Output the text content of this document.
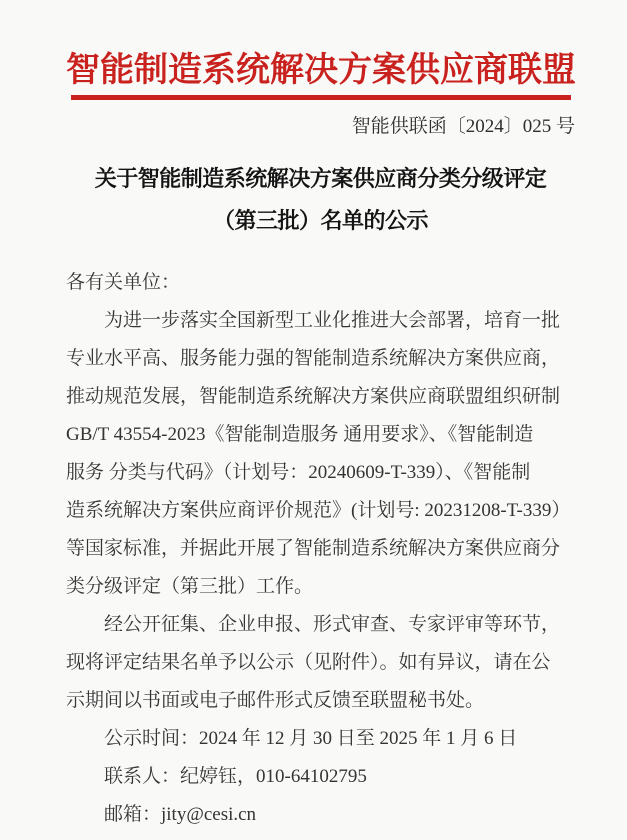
智能制造系统解决方案供应商联盟
智能供联函〔2024〕025 号
关于智能制造系统解决方案供应商分类分级评定
（第三批）名单的公示
各有关单位：
为进一步落实全国新型工业化推进大会部署，培育一批
专业水平高、服务能力强的智能制造系统解决方案供应商，
推动规范发展，智能制造系统解决方案供应商联盟组织研制
GB/T 43554-2023《智能制造服务 通用要求》、《智能制造
服务 分类与代码》（计划号：20240609-T-339）、《智能制
造系统解决方案供应商评价规范》(计划号: 20231208-T-339）
等国家标准，并据此开展了智能制造系统解决方案供应商分
类分级评定（第三批）工作。
经公开征集、企业申报、形式审查、专家评审等环节，
现将评定结果名单予以公示（见附件）。如有异议，请在公
示期间以书面或电子邮件形式反馈至联盟秘书处。
公示时间：2024 年 12 月 30 日至 2025 年 1 月 6 日
联系人：纪婷钰，010-64102795
邮箱：jity@cesi.cn
